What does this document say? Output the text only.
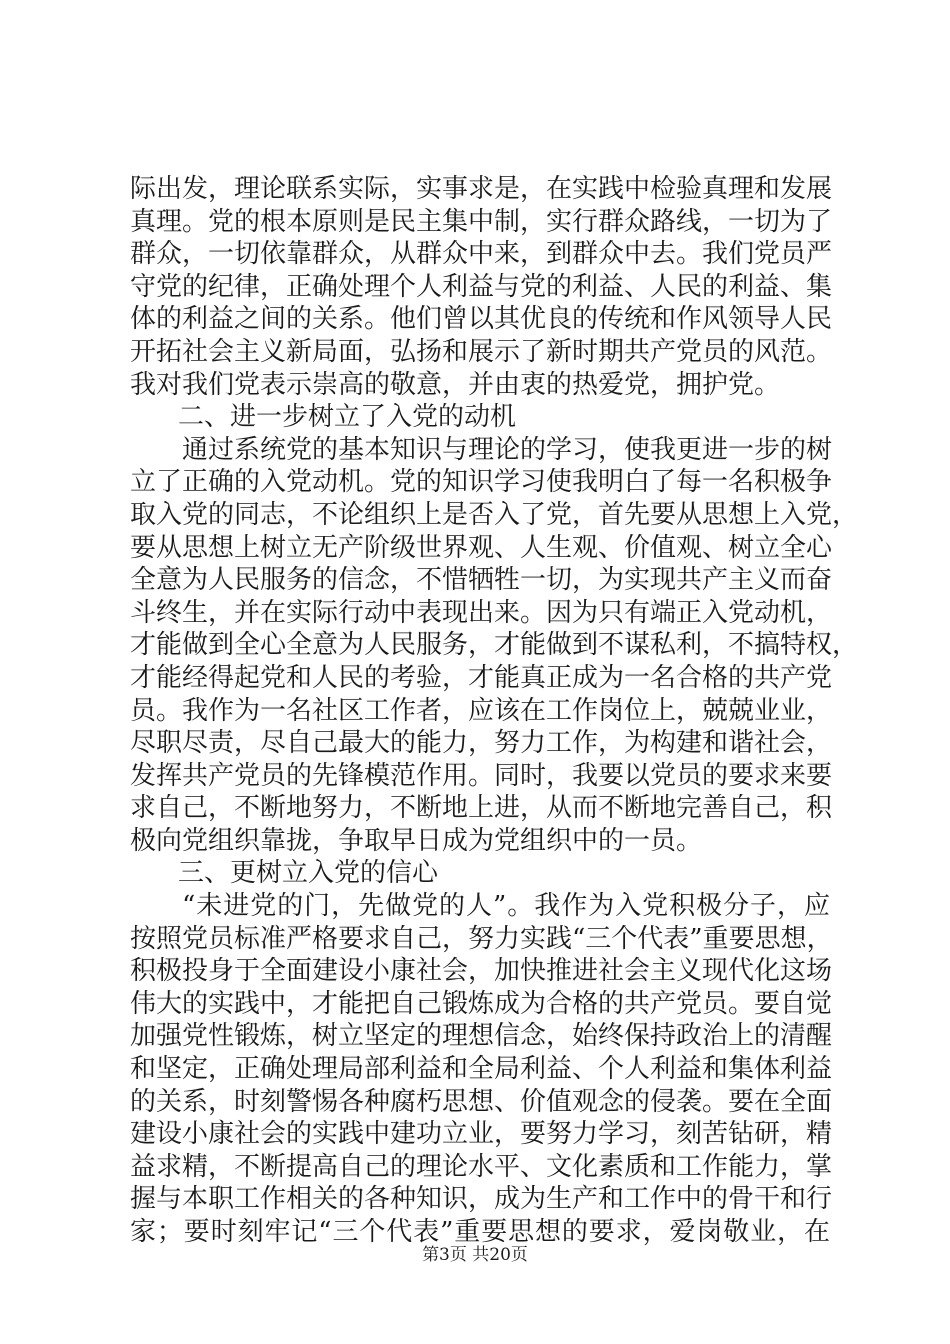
际出发，理论联系实际，实事求是，在实践中检验真理和发展
真理。党的根本原则是民主集中制，实行群众路线，一切为了
群众，一切依靠群众，从群众中来，到群众中去。我们党员严
守党的纪律，正确处理个人利益与党的利益、人民的利益、集
体的利益之间的关系。他们曾以其优良的传统和作风领导人民
开拓社会主义新局面，弘扬和展示了新时期共产党员的风范。
我对我们党表示崇高的敬意，并由衷的热爱党，拥护党。
二、进一步树立了入党的动机
通过系统党的基本知识与理论的学习，使我更进一步的树
立了正确的入党动机。党的知识学习使我明白了每一名积极争
取入党的同志，不论组织上是否入了党，首先要从思想上入党，
要从思想上树立无产阶级世界观、人生观、价值观、树立全心
全意为人民服务的信念，不惜牺牲一切，为实现共产主义而奋
斗终生，并在实际行动中表现出来。因为只有端正入党动机，
才能做到全心全意为人民服务，才能做到不谋私利，不搞特权，
才能经得起党和人民的考验，才能真正成为一名合格的共产党
员。我作为一名社区工作者，应该在工作岗位上，兢兢业业，
尽职尽责，尽自己最大的能力，努力工作，为构建和谐社会，
发挥共产党员的先锋模范作用。同时，我要以党员的要求来要
求自己，不断地努力，不断地上进，从而不断地完善自己，积
极向党组织靠拢，争取早日成为党组织中的一员。
三、更树立入党的信心
“未进党的门，先做党的人”。我作为入党积极分子，应
按照党员标准严格要求自己，努力实践“三个代表”重要思想，
积极投身于全面建设小康社会，加快推进社会主义现代化这场
伟大的实践中，才能把自己锻炼成为合格的共产党员。要自觉
加强党性锻炼，树立坚定的理想信念，始终保持政治上的清醒
和坚定，正确处理局部利益和全局利益、个人利益和集体利益
的关系，时刻警惕各种腐朽思想、价值观念的侵袭。要在全面
建设小康社会的实践中建功立业，要努力学习，刻苦钻研，精
益求精，不断提高自己的理论水平、文化素质和工作能力，掌
握与本职工作相关的各种知识，成为生产和工作中的骨干和行
家；要时刻牢记“三个代表”重要思想的要求，爱岗敬业，在
第3页 共20页
